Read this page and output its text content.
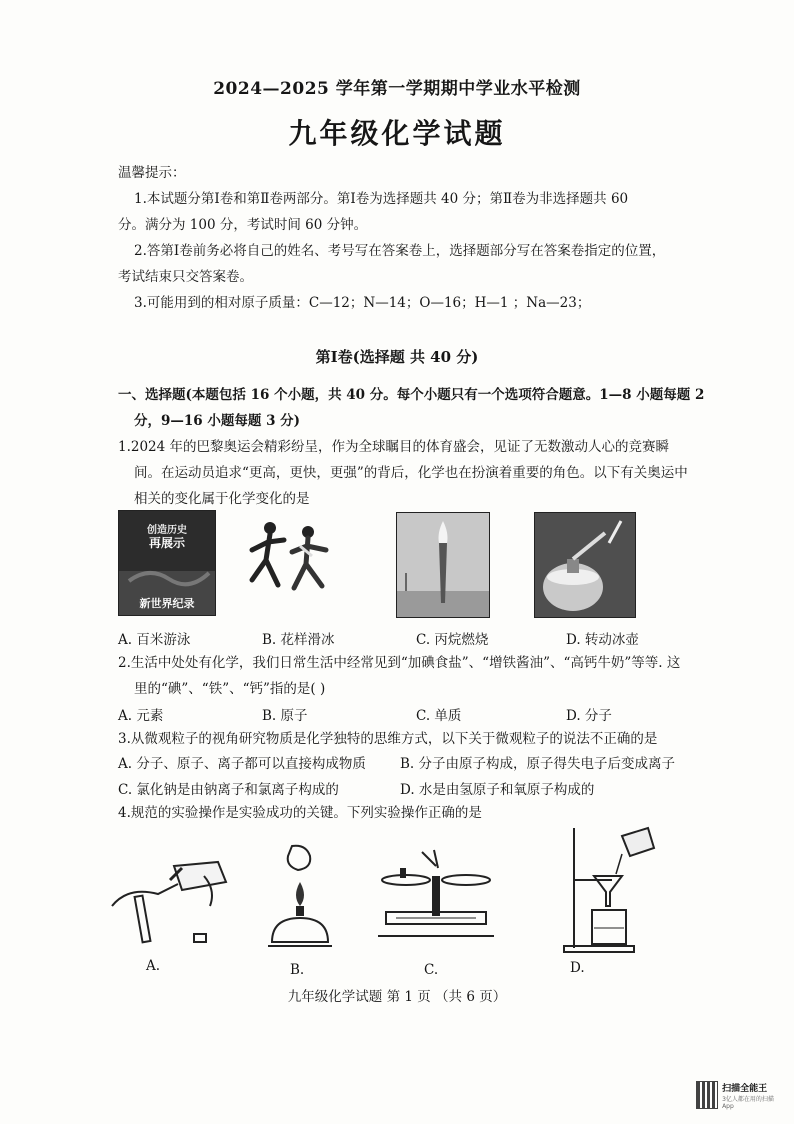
2024—2025 学年第一学期期中学业水平检测
九年级化学试题

温馨提示：

1.本试题分第Ⅰ卷和第Ⅱ卷两部分。第Ⅰ卷为选择题共 40 分；第Ⅱ卷为非选择题共 60

分。满分为 100 分，考试时间 60 分钟。

2.答第Ⅰ卷前务必将自己的姓名、考号写在答案卷上，选择题部分写在答案卷指定的位置，

考试结束只交答案卷。

3.可能用到的相对原子质量：C—12；N—14；O—16；H—1 ；Na—23；

第Ⅰ卷(选择题 共 40 分)

一、选择题(本题包括 16 个小题，共 40 分。每个小题只有一个选项符合题意。1—8 小题每题 2

分，9—16 小题每题 3 分)

1.2024 年的巴黎奥运会精彩纷呈，作为全球瞩目的体育盛会，见证了无数激动人心的竞赛瞬

间。在运动员追求“更高，更快，更强”的背后，化学也在扮演着重要的角色。以下有关奥运中

相关的变化属于化学变化的是

创造历史
再展示
新世界纪录
A. 百米游泳	B. 花样滑冰	C. 丙烷燃烧	D. 转动冰壶

2.生活中处处有化学，我们日常生活中经常见到“加碘食盐”、“增铁酱油”、“高钙牛奶”等等. 这

里的“碘”、“铁”、“钙”指的是( )

A. 元素	B. 原子	C. 单质	D. 分子

3.从微观粒子的视角研究物质是化学独特的思维方式，以下关于微观粒子的说法不正确的是

A. 分子、原子、离子都可以直接构成物质	B. 分子由原子构成，原子得失电子后变成离子
C. 氯化钠是由钠离子和氯离子构成的	D. 水是由氢原子和氧原子构成的

4.规范的实验操作是实验成功的关键。下列实验操作正确的是

A.	B.	C.	D.
九年级化学试题 第 1 页 （共 6 页）
扫描全能王
3亿人都在用的扫描App
